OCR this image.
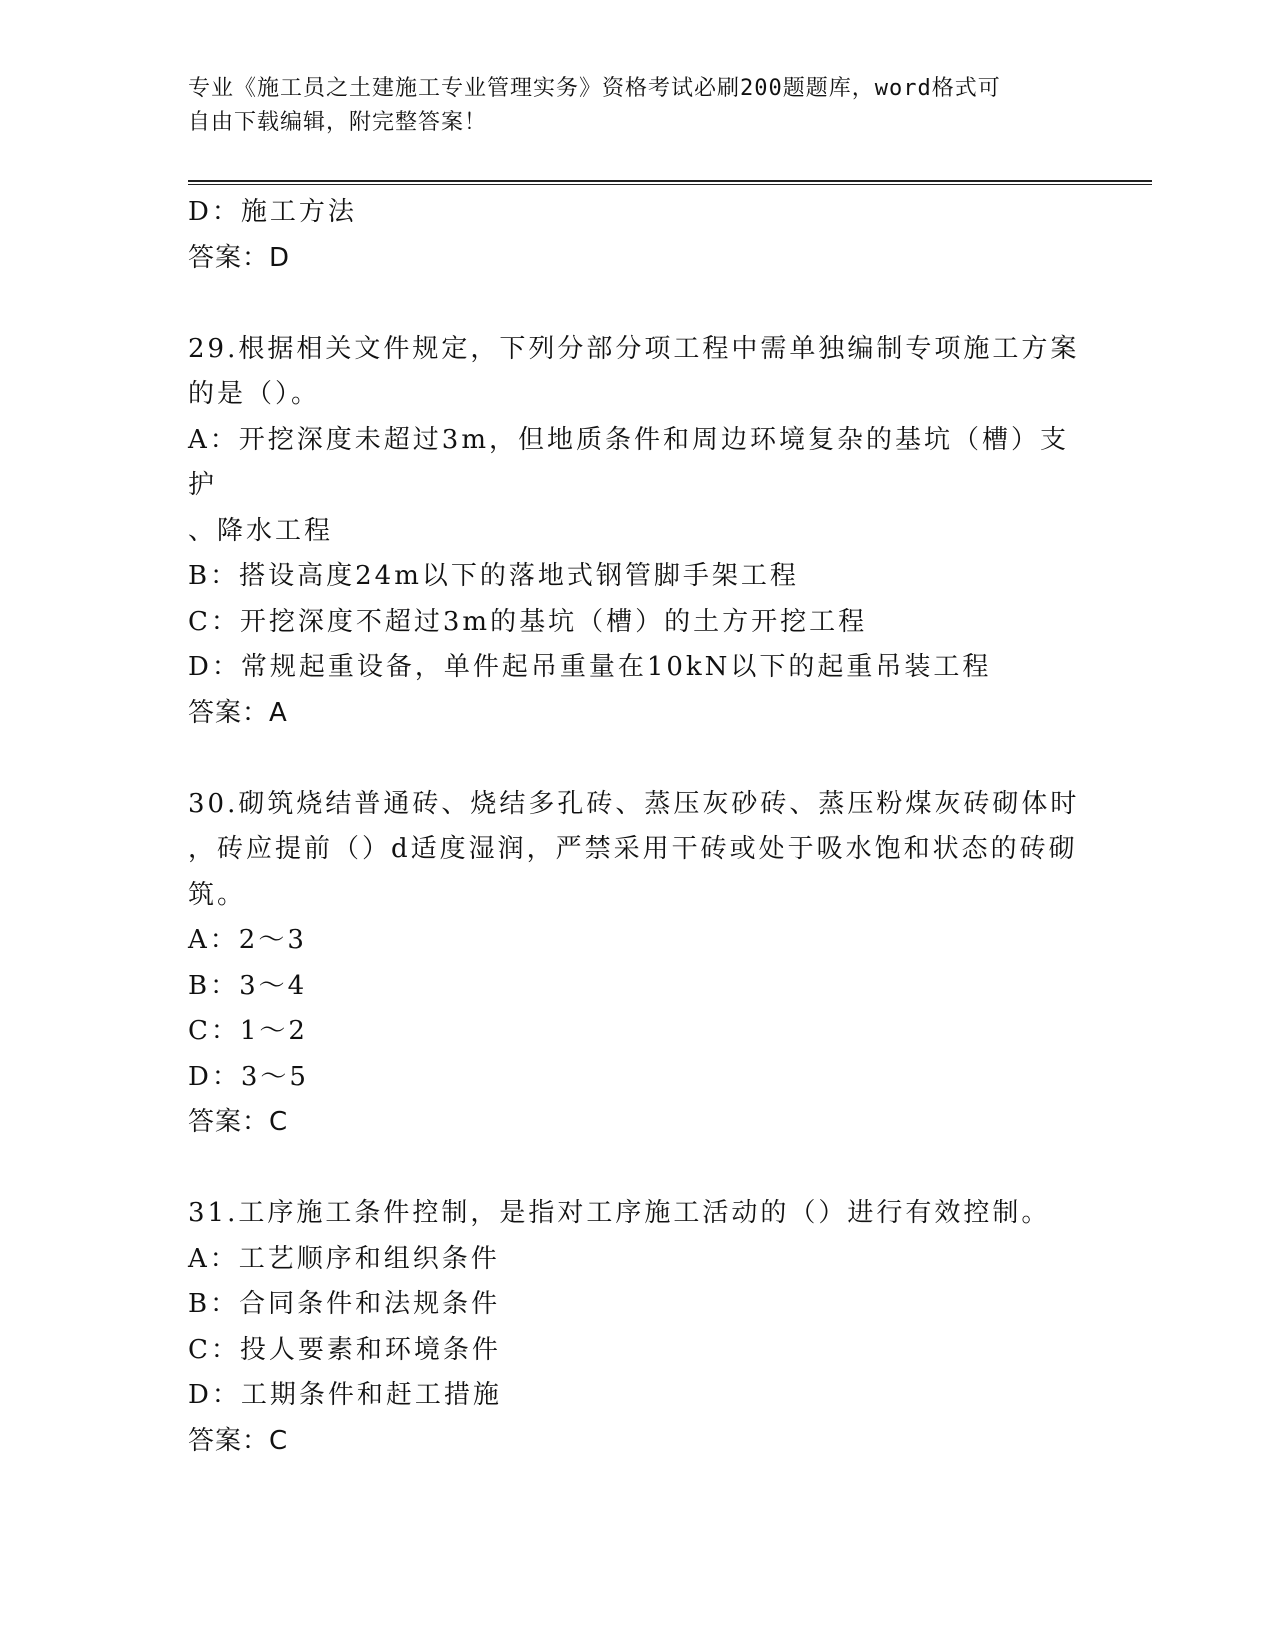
专业《施工员之土建施工专业管理实务》资格考试必刷200题题库，word格式可
自由下载编辑，附完整答案！
D：施工方法
答案：D
29.根据相关文件规定，下列分部分项工程中需单独编制专项施工方案
的是（）。
A：开挖深度未超过3m，但地质条件和周边环境复杂的基坑（槽）支护
、降水工程
B：搭设高度24m以下的落地式钢管脚手架工程
C：开挖深度不超过3m的基坑（槽）的土方开挖工程
D：常规起重设备，单件起吊重量在10kN以下的起重吊装工程
答案：A
30.砌筑烧结普通砖、烧结多孔砖、蒸压灰砂砖、蒸压粉煤灰砖砌体时
，砖应提前（）d适度湿润，严禁采用干砖或处于吸水饱和状态的砖砌
筑。
A：2～3
B：3～4
C：1～2
D：3～5
答案：C
31.工序施工条件控制，是指对工序施工活动的（）进行有效控制。
A：工艺顺序和组织条件
B：合同条件和法规条件
C：投人要素和环境条件
D：工期条件和赶工措施
答案：C
